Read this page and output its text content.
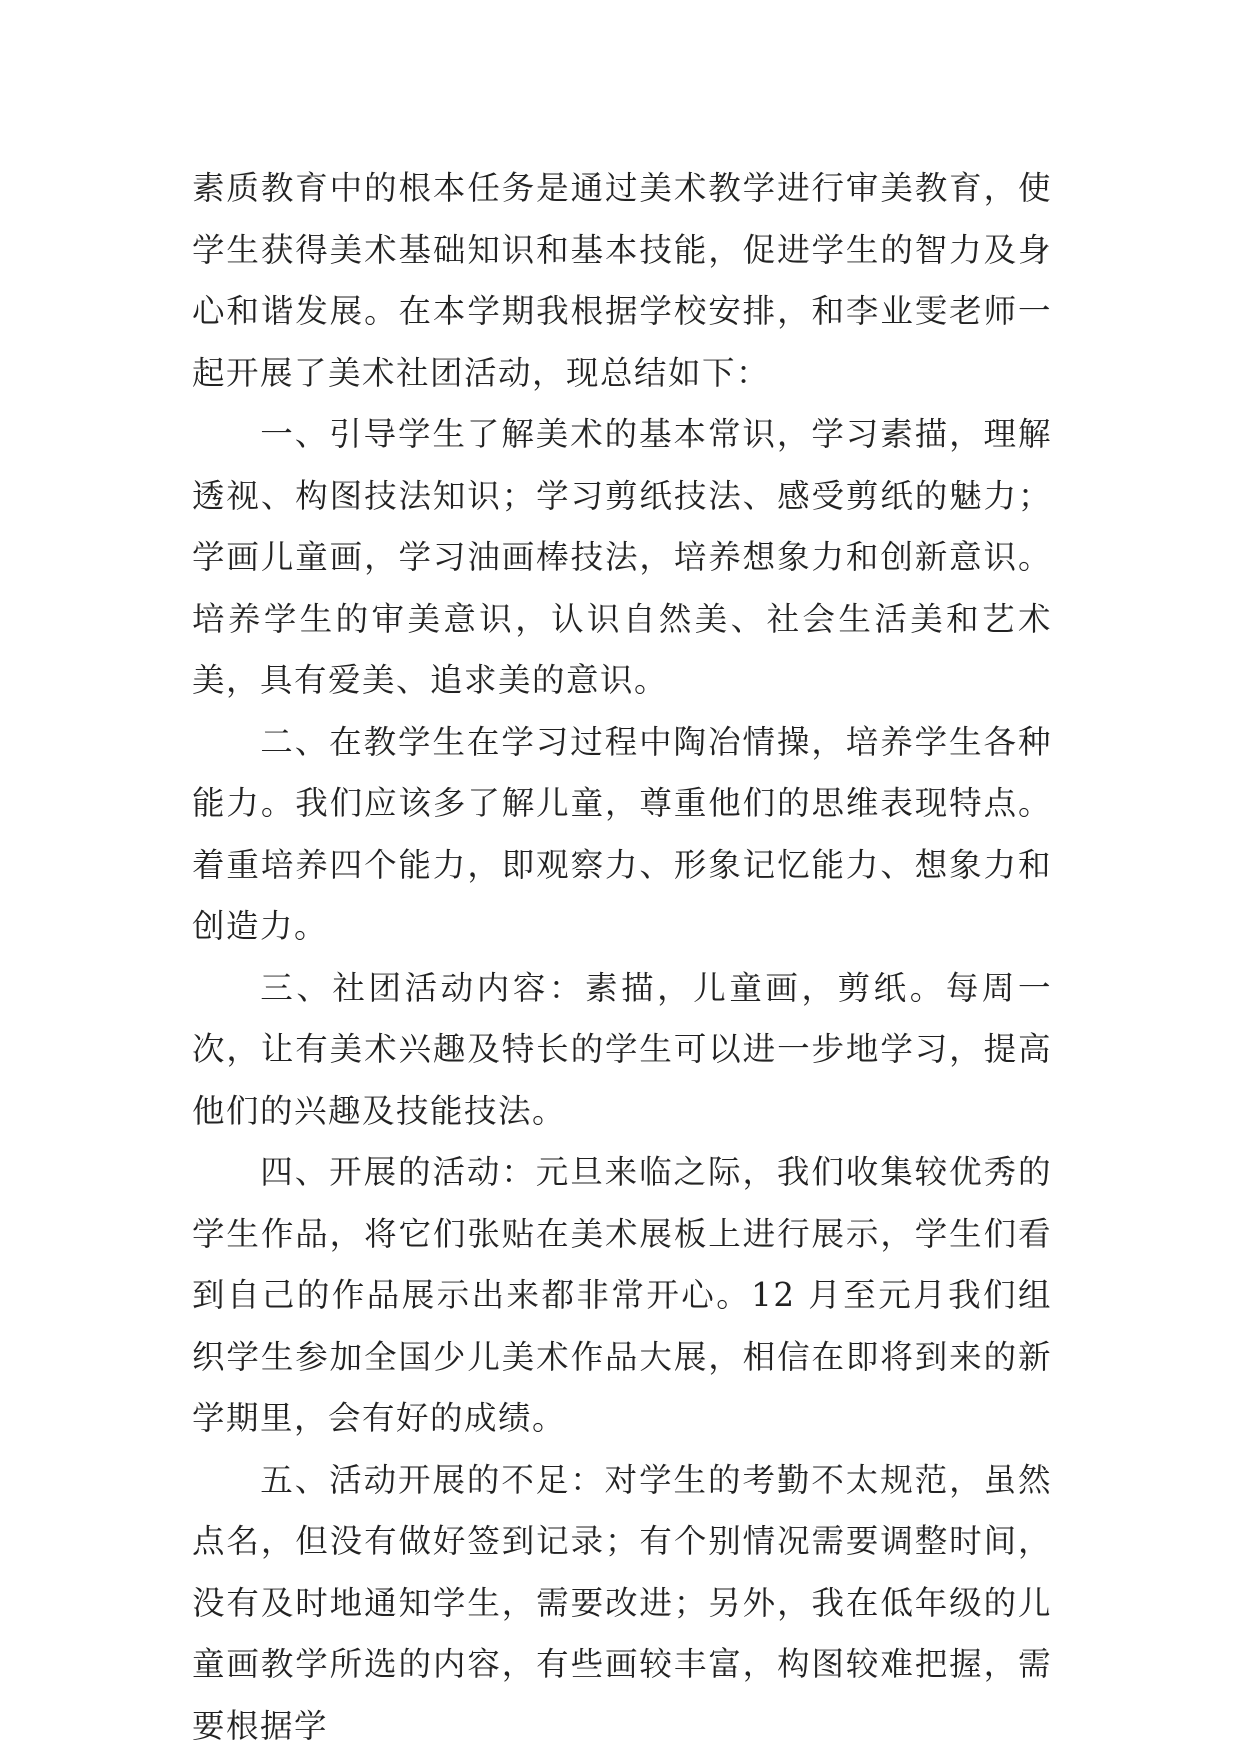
素质教育中的根本任务是通过美术教学进行审美教育，使学生获得美术基础知识和基本技能，促进学生的智力及身心和谐发展。在本学期我根据学校安排，和李业雯老师一起开展了美术社团活动，现总结如下：

一、引导学生了解美术的基本常识，学习素描，理解透视、构图技法知识；学习剪纸技法、感受剪纸的魅力；学画儿童画，学习油画棒技法，培养想象力和创新意识。培养学生的审美意识，认识自然美、社会生活美和艺术美，具有爱美、追求美的意识。

二、在教学生在学习过程中陶冶情操，培养学生各种能力。我们应该多了解儿童，尊重他们的思维表现特点。着重培养四个能力，即观察力、形象记忆能力、想象力和创造力。

三、社团活动内容：素描，儿童画，剪纸。每周一次，让有美术兴趣及特长的学生可以进一步地学习，提高他们的兴趣及技能技法。

四、开展的活动：元旦来临之际，我们收集较优秀的学生作品，将它们张贴在美术展板上进行展示，学生们看到自己的作品展示出来都非常开心。12 月至元月我们组织学生参加全国少儿美术作品大展，相信在即将到来的新学期里，会有好的成绩。

五、活动开展的不足：对学生的考勤不太规范，虽然点名，但没有做好签到记录；有个别情况需要调整时间，没有及时地通知学生，需要改进；另外，我在低年级的儿童画教学所选的内容，有些画较丰富，构图较难把握，需要根据学
